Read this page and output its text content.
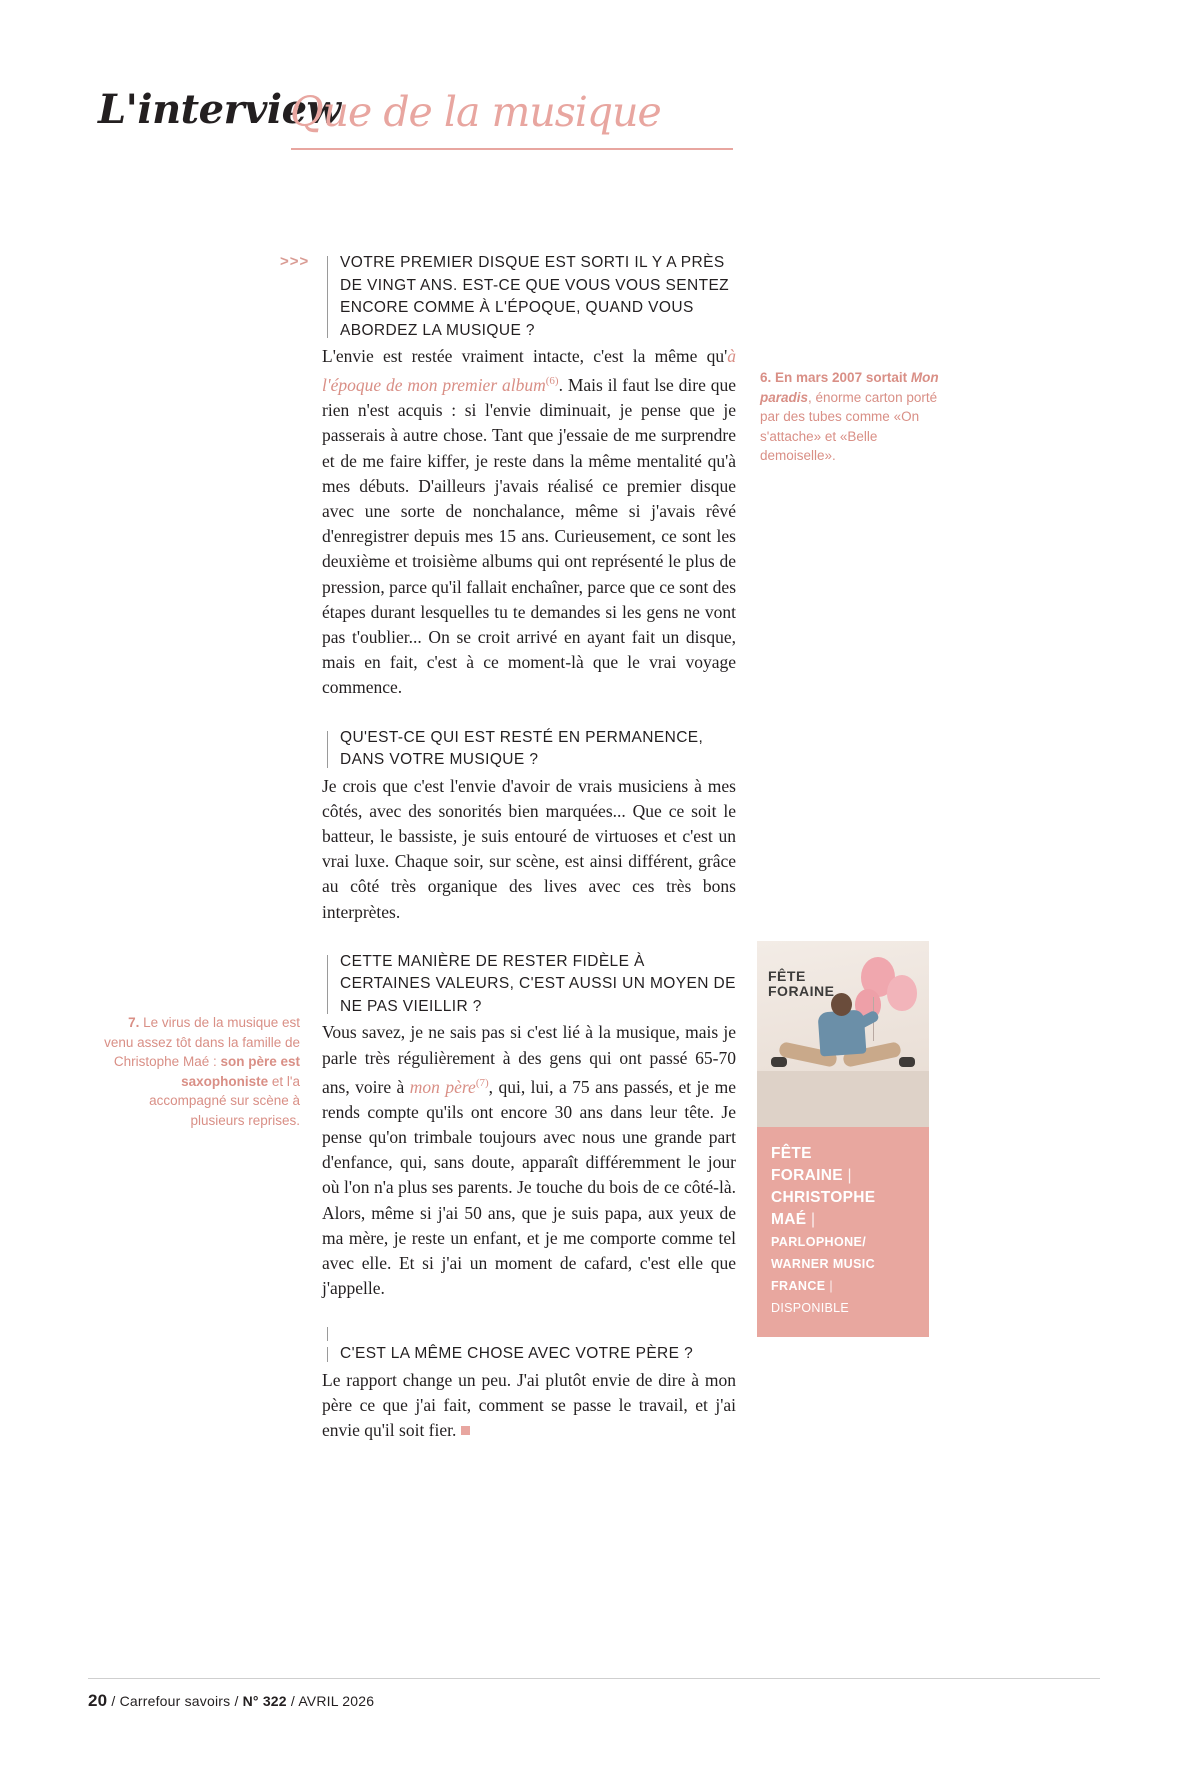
L'interview
Que de la musique
>>> VOTRE PREMIER DISQUE EST SORTI IL Y A PRÈS DE VINGT ANS. EST-CE QUE VOUS VOUS SENTEZ ENCORE COMME À L'ÉPOQUE, QUAND VOUS ABORDEZ LA MUSIQUE ?

L'envie est restée vraiment intacte, c'est la même qu'à l'époque de mon premier album$^{(6)}$. Mais il faut lse dire que rien n'est acquis : si l'envie diminuait, je pense que je passerais à autre chose. Tant que j'essaie de me surprendre et de me faire kiffer, je reste dans la même mentalité qu'à mes débuts. D'ailleurs j'avais réalisé ce premier disque avec une sorte de nonchalance, même si j'avais rêvé d'enregistrer depuis mes 15 ans. Curieusement, ce sont les deuxième et troisième albums qui ont représenté le plus de pression, parce qu'il fallait enchaîner, parce que ce sont des étapes durant lesquelles tu te demandes si les gens ne vont pas t'oublier... On se croit arrivé en ayant fait un disque, mais en fait, c'est à ce moment-là que le vrai voyage commence.

QU'EST-CE QUI EST RESTÉ EN PERMANENCE, DANS VOTRE MUSIQUE ?

Je crois que c'est l'envie d'avoir de vrais musiciens à mes côtés, avec des sonorités bien marquées... Que ce soit le batteur, le bassiste, je suis entouré de virtuoses et c'est un vrai luxe. Chaque soir, sur scène, est ainsi différent, grâce au côté très organique des lives avec ces très bons interprètes.

CETTE MANIÈRE DE RESTER FIDÈLE À CERTAINES VALEURS, C'EST AUSSI UN MOYEN DE NE PAS VIEILLIR ?

Vous savez, je ne sais pas si c'est lié à la musique, mais je parle très régulièrement à des gens qui ont passé 65-70 ans, voire à mon père$^{(7)}$, qui, lui, a 75 ans passés, et je me rends compte qu'ils ont encore 30 ans dans leur tête. Je pense qu'on trimbale toujours avec nous une grande part d'enfance, qui, sans doute, apparaît différemment le jour où l'on n'a plus ses parents. Je touche du bois de ce côté-là. Alors, même si j'ai 50 ans, que je suis papa, aux yeux de ma mère, je reste un enfant, et je me comporte comme tel avec elle. Et si j'ai un moment de cafard, c'est elle que j'appelle.

C'EST LA MÊME CHOSE AVEC VOTRE PÈRE ?

Le rapport change un peu. J'ai plutôt envie de dire à mon père ce que j'ai fait, comment se passe le travail, et j'ai envie qu'il soit fier.

6. En mars 2007 sortait Mon paradis, énorme carton porté par des tubes comme «On s'attache» et «Belle demoiselle».
7. Le virus de la musique est venu assez tôt dans la famille de Christophe Maé : son père est saxophoniste et l'a accompagné sur scène à plusieurs reprises.
FÊTE
FORAINE
FÊTE
FORAINE |
CHRISTOPHE
MAÉ |
PARLOPHONE/
WARNER MUSIC
FRANCE |
DISPONIBLE
20 / Carrefour savoirs / N° 322 / AVRIL 2026
